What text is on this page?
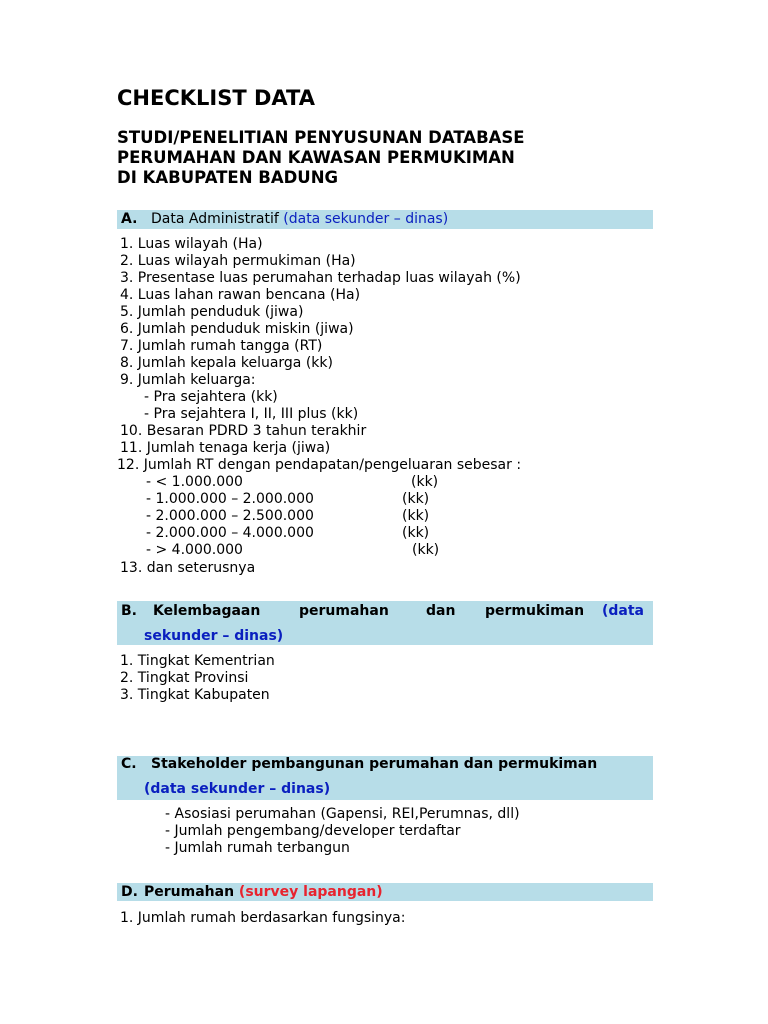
CHECKLIST DATA
STUDI/PENELITIAN PENYUSUNAN DATABASE
PERUMAHAN DAN KAWASAN PERMUKIMAN
DI KABUPATEN BADUNG
A. Data Administratif (data sekunder – dinas)
1. Luas wilayah (Ha)
2. Luas wilayah permukiman (Ha)
3. Presentase luas perumahan terhadap luas wilayah (%)
4. Luas lahan rawan bencana (Ha)
5. Jumlah penduduk (jiwa)
6. Jumlah penduduk miskin (jiwa)
7. Jumlah rumah tangga (RT)
8. Jumlah kepala keluarga (kk)
9. Jumlah keluarga:
- Pra sejahtera (kk)
- Pra sejahtera I, II, III plus (kk)
10. Besaran PDRD 3 tahun terakhir
11. Jumlah tenaga kerja (jiwa)
12. Jumlah RT dengan pendapatan/pengeluaran sebesar :
- < 1.000.000	(kk)
- 1.000.000 – 2.000.000	(kk)
- 2.000.000 – 2.500.000	(kk)
- 2.000.000 – 4.000.000	(kk)
- > 4.000.000	(kk)
13. dan seterusnya
B. Kelembagaan	perumahan	dan permukiman (data
sekunder – dinas)
1. Tingkat Kementrian
2. Tingkat Provinsi
3. Tingkat Kabupaten
C. Stakeholder pembangunan perumahan dan permukiman
(data sekunder – dinas)
- Asosiasi perumahan (Gapensi, REI,Perumnas, dll)
- Jumlah pengembang/developer terdaftar
- Jumlah rumah terbangun
D. Perumahan (survey lapangan)
1. Jumlah rumah berdasarkan fungsinya:
